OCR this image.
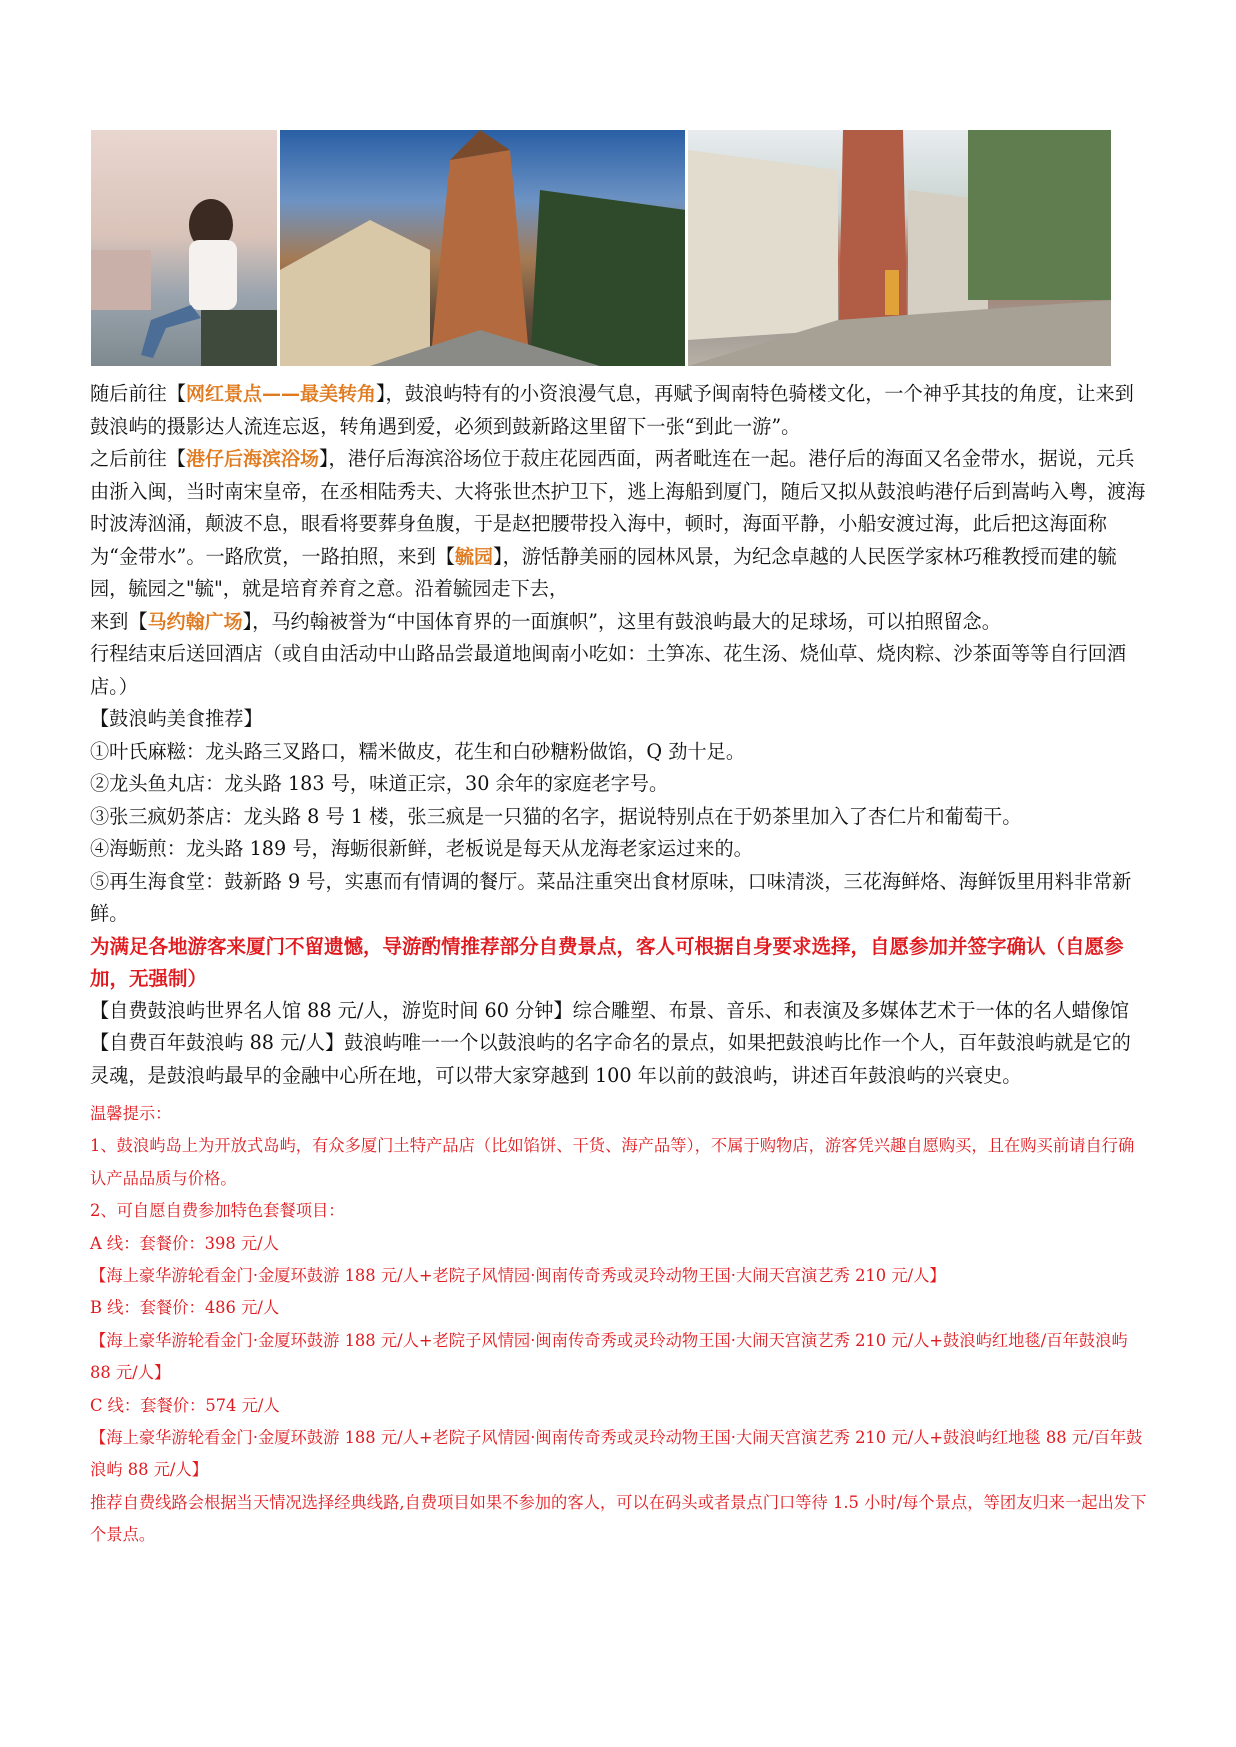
随后前往【网红景点——最美转角】，鼓浪屿特有的小资浪漫气息，再赋予闽南特色骑楼文化，一个神乎其技的角度，让来到鼓浪屿的摄影达人流连忘返，转角遇到爱，必须到鼓新路这里留下一张“到此一游”。

之后前往【港仔后海滨浴场】，港仔后海滨浴场位于菽庄花园西面，两者毗连在一起。港仔后的海面又名金带水，据说，元兵由浙入闽，当时南宋皇帝，在丞相陆秀夫、大将张世杰护卫下，逃上海船到厦门，随后又拟从鼓浪屿港仔后到嵩屿入粤，渡海时波涛汹涌，颠波不息，眼看将要葬身鱼腹，于是赵把腰带投入海中，顿时，海面平静，小船安渡过海，此后把这海面称为“金带水”。一路欣赏，一路拍照，来到【毓园】，游恬静美丽的园林风景，为纪念卓越的人民医学家林巧稚教授而建的毓园，毓园之"毓"，就是培育养育之意。沿着毓园走下去，

来到【马约翰广场】，马约翰被誉为“中国体育界的一面旗帜”，这里有鼓浪屿最大的足球场，可以拍照留念。

行程结束后送回酒店（或自由活动中山路品尝最道地闽南小吃如：土笋冻、花生汤、烧仙草、烧肉粽、沙茶面等等自行回酒店。）

【鼓浪屿美食推荐】

①叶氏麻糍：龙头路三叉路口，糯米做皮，花生和白砂糖粉做馅，Q 劲十足。

②龙头鱼丸店：龙头路 183 号，味道正宗，30 余年的家庭老字号。

③张三疯奶茶店：龙头路 8 号 1 楼，张三疯是一只猫的名字，据说特别点在于奶茶里加入了杏仁片和葡萄干。

④海蛎煎：龙头路 189 号，海蛎很新鲜，老板说是每天从龙海老家运过来的。

⑤再生海食堂：鼓新路 9 号，实惠而有情调的餐厅。菜品注重突出食材原味，口味清淡，三花海鲜烙、海鲜饭里用料非常新鲜。

为满足各地游客来厦门不留遗憾，导游酌情推荐部分自费景点，客人可根据自身要求选择，自愿参加并签字确认（自愿参加，无强制）

【自费鼓浪屿世界名人馆 88 元/人，游览时间 60 分钟】综合雕塑、布景、音乐、和表演及多媒体艺术于一体的名人蜡像馆

【自费百年鼓浪屿 88 元/人】鼓浪屿唯一一个以鼓浪屿的名字命名的景点，如果把鼓浪屿比作一个人，百年鼓浪屿就是它的灵魂，是鼓浪屿最早的金融中心所在地，可以带大家穿越到 100 年以前的鼓浪屿，讲述百年鼓浪屿的兴衰史。

温馨提示：

1、鼓浪屿岛上为开放式岛屿，有众多厦门土特产品店（比如馅饼、干货、海产品等），不属于购物店，游客凭兴趣自愿购买，且在购买前请自行确认产品品质与价格。

2、可自愿自费参加特色套餐项目：

A 线：套餐价：398 元/人

【海上豪华游轮看金门·金厦环鼓游 188 元/人+老院子风情园·闽南传奇秀或灵玲动物王国·大闹天宫演艺秀 210 元/人】

B 线：套餐价：486 元/人

【海上豪华游轮看金门·金厦环鼓游 188 元/人+老院子风情园·闽南传奇秀或灵玲动物王国·大闹天宫演艺秀 210 元/人+鼓浪屿红地毯/百年鼓浪屿 88 元/人】

C 线：套餐价：574 元/人

【海上豪华游轮看金门·金厦环鼓游 188 元/人+老院子风情园·闽南传奇秀或灵玲动物王国·大闹天宫演艺秀 210 元/人+鼓浪屿红地毯 88 元/百年鼓浪屿 88 元/人】

推荐自费线路会根据当天情况选择经典线路,自费项目如果不参加的客人，可以在码头或者景点门口等待 1.5 小时/每个景点，等团友归来一起出发下个景点。
